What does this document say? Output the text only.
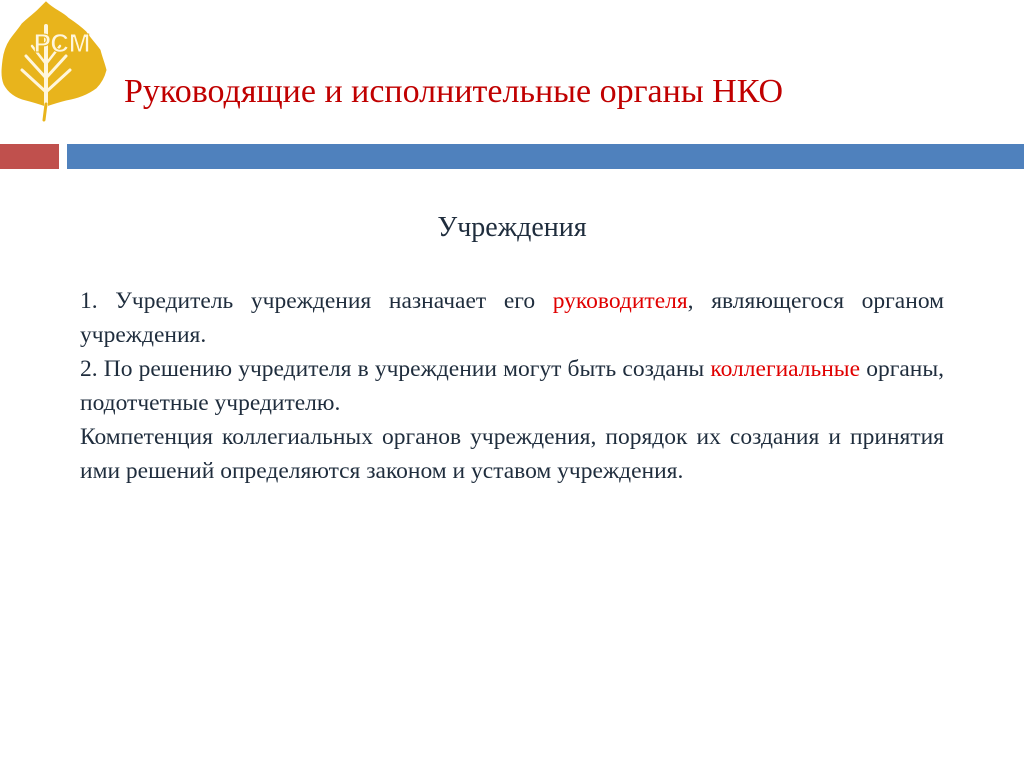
РСМ
Руководящие и исполнительные органы НКО
Учреждения

1. Учредитель учреждения назначает его руководителя, являющегося органом учреждения.

2. По решению учредителя в учреждении могут быть созданы коллегиальные органы, подотчетные учредителю.

Компетенция коллегиальных органов учреждения, порядок их создания и принятия ими решений определяются законом и уставом учреждения.
